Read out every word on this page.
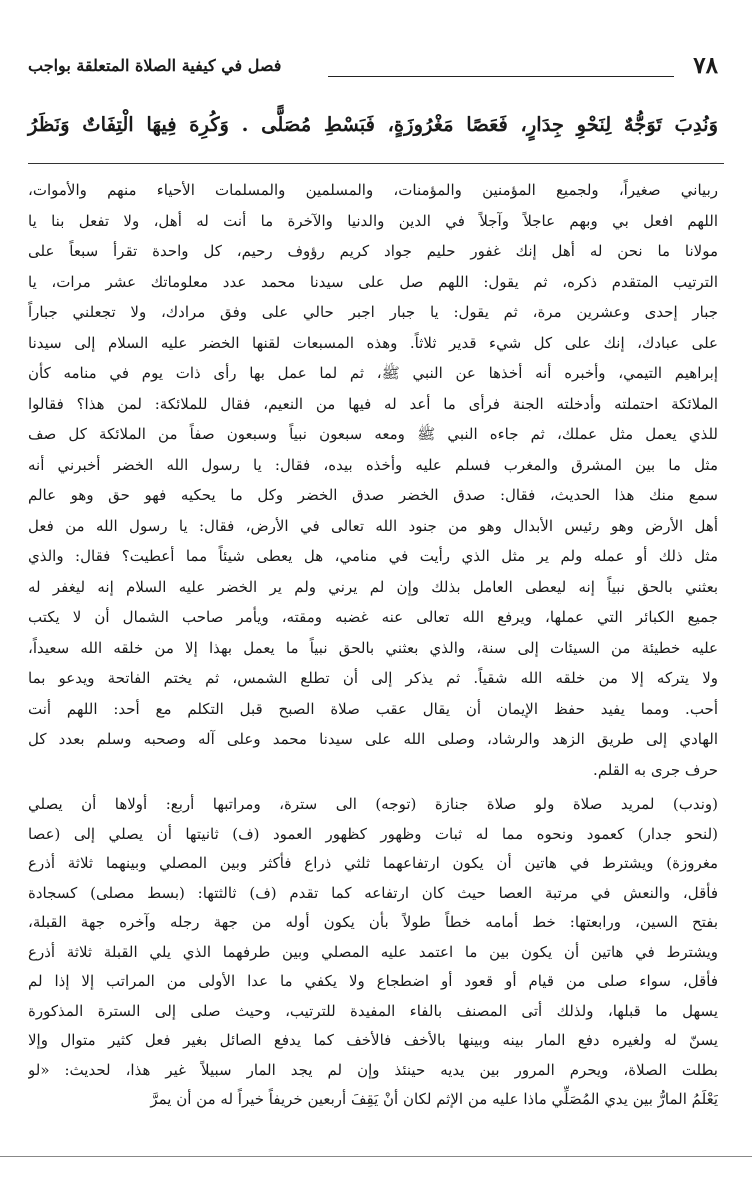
٧٨
فصل في كيفية الصلاة المتعلقة بواجب
وَنُدِبَ تَوَجُّهٌ لِنَحْوِ جِدَارٍ، فَعَصًا مَغْرُوزَةٍ، فَبَسْطِ مُصَلًّى . وَكُرِهَ فِيهَا الْتِفَاتٌ وَنَظَرُ
ربياني صغيراً، ولجميع المؤمنين والمؤمنات، والمسلمين والمسلمات الأحياء منهم والأموات،
اللهم افعل بي وبهم عاجلاً وآجلاً في الدين والدنيا والآخرة ما أنت له أهل، ولا تفعل بنا يا
مولانا ما نحن له أهل إنك غفور حليم جواد كريم رؤوف رحيم، كل واحدة تقرأ سبعاً على
الترتيب المتقدم ذكره، ثم يقول: اللهم صل على سيدنا محمد عدد معلوماتك عشر مرات، يا
جبار إحدى وعشرين مرة، ثم يقول: يا جبار اجبر حالي على وفق مرادك، ولا تجعلني جباراً
على عبادك، إنك على كل شيء قدير ثلاثاً. وهذه المسبعات لقنها الخضر عليه السلام إلى سيدنا
إبراهيم التيمي، وأخبره أنه أخذها عن النبي ﷺ، ثم لما عمل بها رأى ذات يوم في منامه كأن
الملائكة احتملته وأدخلته الجنة فرأى ما أعد له فيها من النعيم، فقال للملائكة: لمن هذا؟ فقالوا
للذي يعمل مثل عملك، ثم جاءه النبي ﷺ ومعه سبعون نبياً وسبعون صفاً من الملائكة كل صف
مثل ما بين المشرق والمغرب فسلم عليه وأخذه بيده، فقال: يا رسول الله الخضر أخبرني أنه
سمع منك هذا الحديث، فقال: صدق الخضر صدق الخضر وكل ما يحكيه فهو حق وهو عالم
أهل الأرض وهو رئيس الأبدال وهو من جنود الله تعالى في الأرض، فقال: يا رسول الله من فعل
مثل ذلك أو عمله ولم ير مثل الذي رأيت في منامي، هل يعطى شيئاً مما أعطيت؟ فقال: والذي
بعثني بالحق نبياً إنه ليعطى العامل بذلك وإن لم يرني ولم ير الخضر عليه السلام إنه ليغفر له
جميع الكبائر التي عملها، ويرفع الله تعالى عنه غضبه ومقته، ويأمر صاحب الشمال أن لا يكتب
عليه خطيئة من السيئات إلى سنة، والذي بعثني بالحق نبياً ما يعمل بهذا إلا من خلقه الله سعيداً،
ولا يتركه إلا من خلقه الله شقياً. ثم يذكر إلى أن تطلع الشمس، ثم يختم الفاتحة ويدعو بما
أحب. ومما يفيد حفظ الإيمان أن يقال عقب صلاة الصبح قبل التكلم مع أحد: اللهم أنت
الهادي إلى طريق الزهد والرشاد، وصلى الله على سيدنا محمد وعلى آله وصحبه وسلم بعدد كل
حرف جرى به القلم.
(وندب) لمريد صلاة ولو صلاة جنازة (توجه) الى سترة، ومراتبها أربع: أولاها أن يصلي
(لنحو جدار) كعمود ونحوه مما له ثبات وظهور كظهور العمود (ف) ثانيتها أن يصلي إلى (عصا
مغروزة) ويشترط في هاتين أن يكون ارتفاعهما ثلثي ذراع فأكثر وبين المصلي وبينهما ثلاثة أذرع
فأقل، والنعش في مرتبة العصا حيث كان ارتفاعه كما تقدم (ف) ثالثتها: (بسط مصلى) كسجادة
بفتح السين، ورابعتها: خط أمامه خطاً طولاً بأن يكون أوله من جهة رجله وآخره جهة القبلة،
ويشترط في هاتين أن يكون بين ما اعتمد عليه المصلي وبين طرفهما الذي يلي القبلة ثلاثة أذرع
فأقل، سواء صلى من قيام أو قعود أو اضطجاع ولا يكفي ما عدا الأولى من المراتب إلا إذا لم
يسهل ما قبلها، ولذلك أتى المصنف بالفاء المفيدة للترتيب، وحيث صلى إلى السترة المذكورة
يسنّ له ولغيره دفع المار بينه وبينها بالأخف فالأخف كما يدفع الصائل بغير فعل كثير متوال وإلا
بطلت الصلاة، ويحرم المرور بين يديه حينئذ وإن لم يجد المار سبيلاً غير هذا، لحديث: «لو
يَعْلَمُ المارُّ بين يدي المُصَلِّي ماذا عليه من الإثم لكان أنْ يَقِفَ أربعين خريفاً خيراً له من أن يمرَّ
